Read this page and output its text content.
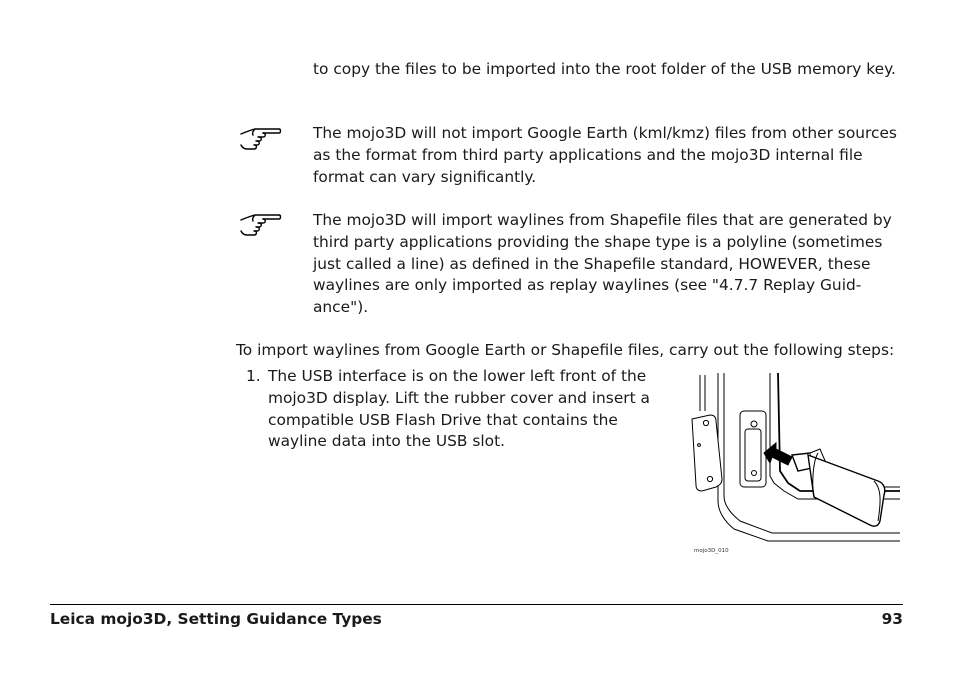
to copy the files to be imported into the root folder of the USB memory key.

The mojo3D will not import Google Earth (kml/kmz) files from other sources as the format from third party applications and the mojo3D internal file format can vary significantly.

The mojo3D will import waylines from Shapefile files that are generated by third party applications providing the shape type is a polyline (sometimes just called a line) as defined in the Shapefile standard, HOWEVER, these waylines are only imported as replay waylines (see "4.7.7 Replay Guid-ance").

To import waylines from Google Earth or Shapefile files, carry out the following steps:

1. The USB interface is on the lower left front of the mojo3D display. Lift the rubber cover and insert a compatible USB Flash Drive that contains the wayline data into the USB slot.

mojo3D_010
Leica mojo3D, Setting Guidance Types	93
